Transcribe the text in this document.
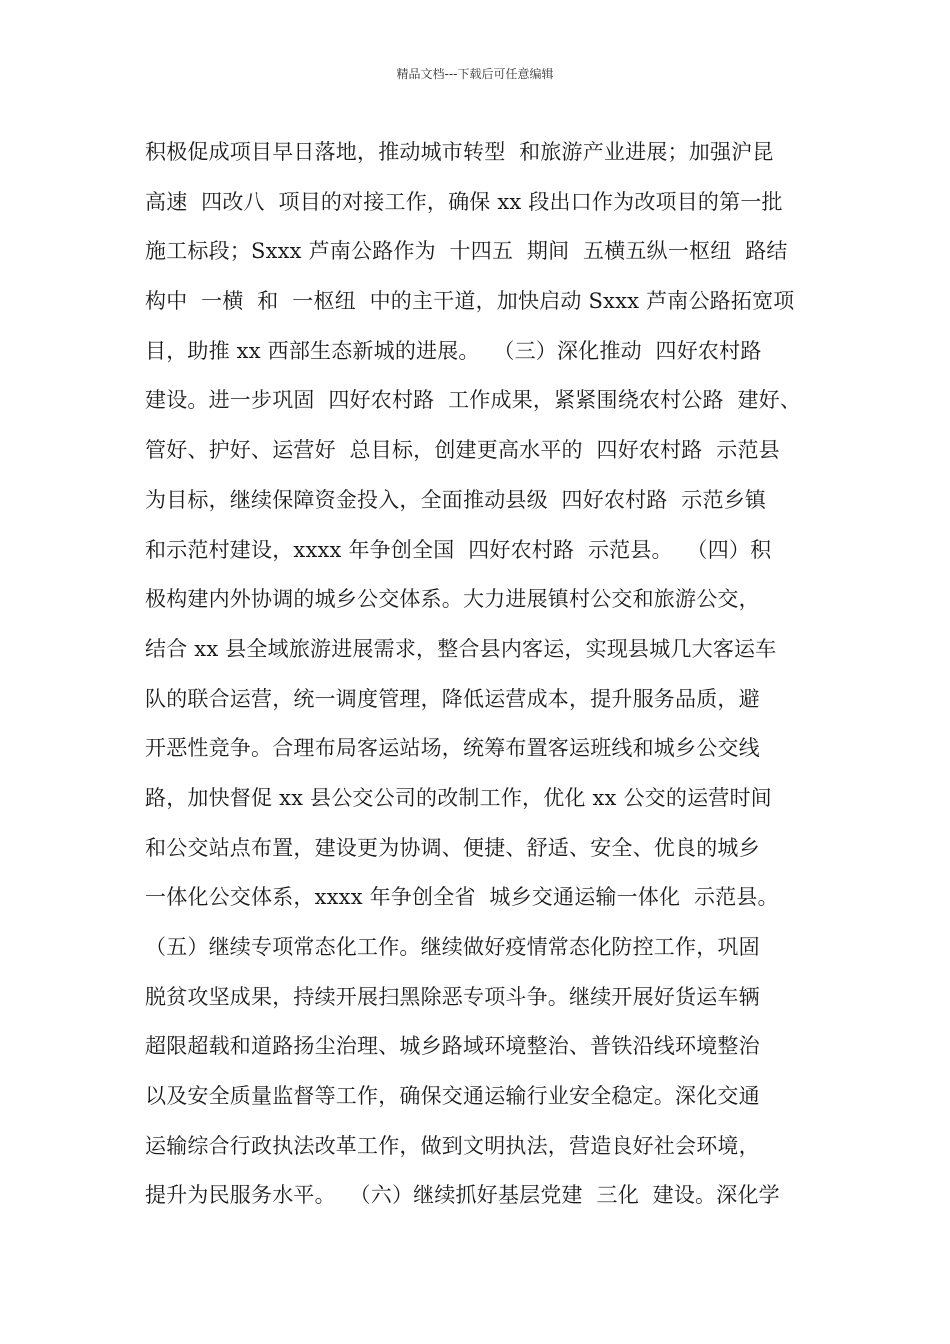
精品文档---下载后可任意编辑
积极促成项目早日落地，推动城市转型  和旅游产业进展；加强沪昆
高速  四改八  项目的对接工作，确保 xx 段出口作为改项目的第一批
施工标段；Sxxx 芦南公路作为  十四五  期间  五横五纵一枢纽  路结
构中  一横  和  一枢纽  中的主干道，加快启动 Sxxx 芦南公路拓宽项
目，助推 xx 西部生态新城的进展。  （三）深化推动  四好农村路
建设。进一步巩固  四好农村路  工作成果，紧紧围绕农村公路  建好、
管好、护好、运营好  总目标，创建更高水平的  四好农村路  示范县
为目标，继续保障资金投入，全面推动县级  四好农村路  示范乡镇
和示范村建设，xxxx 年争创全国  四好农村路  示范县。  （四）积
极构建内外协调的城乡公交体系。大力进展镇村公交和旅游公交，
结合 xx 县全域旅游进展需求，整合县内客运，实现县城几大客运车
队的联合运营，统一调度管理，降低运营成本，提升服务品质，避
开恶性竞争。合理布局客运站场，统筹布置客运班线和城乡公交线
路，加快督促 xx 县公交公司的改制工作，优化 xx 公交的运营时间
和公交站点布置，建设更为协调、便捷、舒适、安全、优良的城乡
一体化公交体系，xxxx 年争创全省  城乡交通运输一体化  示范县。
（五）继续专项常态化工作。继续做好疫情常态化防控工作，巩固
脱贫攻坚成果，持续开展扫黑除恶专项斗争。继续开展好货运车辆
超限超载和道路扬尘治理、城乡路域环境整治、普铁沿线环境整治
以及安全质量监督等工作，确保交通运输行业安全稳定。深化交通
运输综合行政执法改革工作，做到文明执法，营造良好社会环境，
提升为民服务水平。  （六）继续抓好基层党建  三化  建设。深化学
